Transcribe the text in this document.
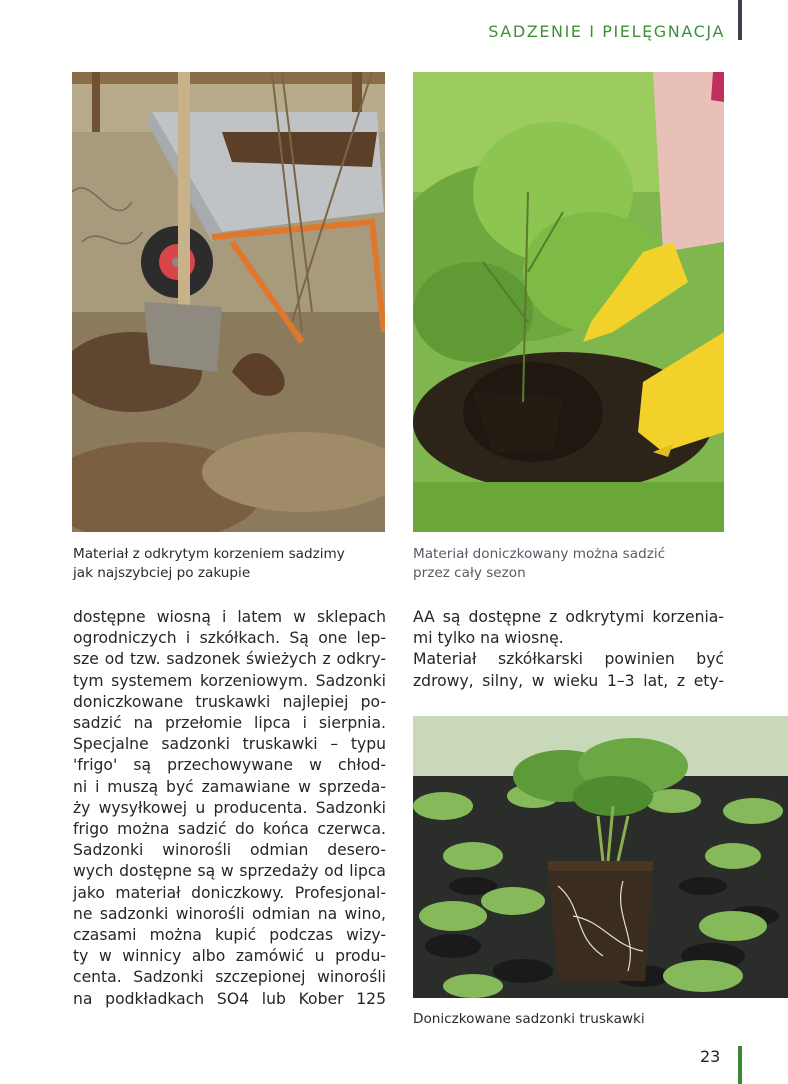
SADZENIE I PIELĘGNACJA
Materiał z odkrytym korzeniem sadzimy
jak najszybciej po zakupie
Materiał doniczkowany można sadzić
przez cały sezon
dostępne wiosną i latem w sklepach
ogrodniczych i szkółkach. Są one lep-
sze od tzw. sadzonek świeżych z odkry-
tym systemem korzeniowym. Sadzonki
doniczkowane truskawki najlepiej po-
sadzić na przełomie lipca i sierpnia.
Specjalne sadzonki truskawki – typu
'frigo' są przechowywane w chłod-
ni i muszą być zamawiane w sprzeda-
ży wysyłkowej u producenta. Sadzonki
frigo można sadzić do końca czerwca.
Sadzonki winorośli odmian desero-
wych dostępne są w sprzedaży od lipca
jako materiał doniczkowy. Profesjonal-
ne sadzonki winorośli odmian na wino,
czasami można kupić podczas wizy-
ty w winnicy albo zamówić u produ-
centa. Sadzonki szczepionej winorośli
na podkładkach SO4 lub Kober 125
AA są dostępne z odkrytymi korzenia-
mi tylko na wiosnę.
Materiał szkółkarski powinien być
zdrowy, silny, w wieku 1–3 lat, z ety-
Doniczkowane sadzonki truskawki
23
